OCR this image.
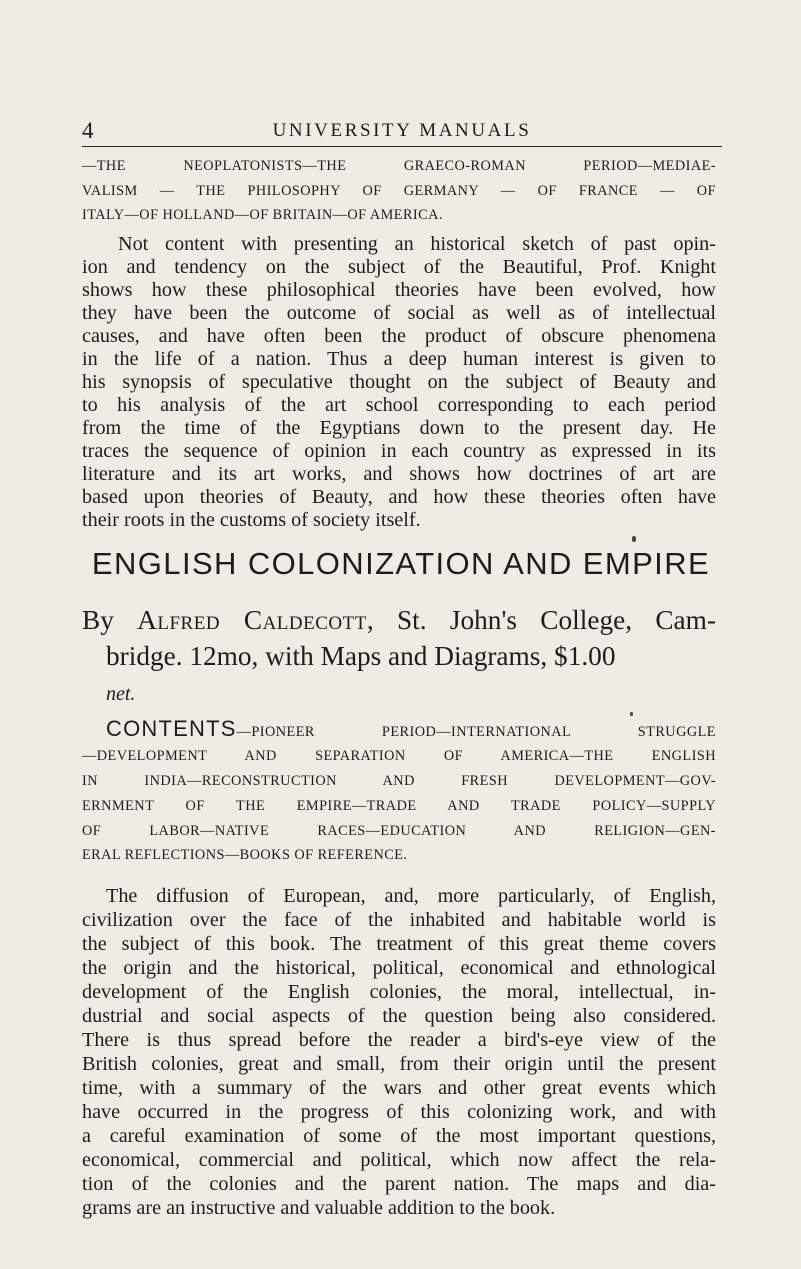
4	UNIVERSITY MANUALS
—THE NEOPLATONISTS—THE GRAECO-ROMAN PERIOD—MEDIAE-
VALISM — THE PHILOSOPHY OF GERMANY — OF FRANCE — OF
ITALY—OF HOLLAND—OF BRITAIN—OF AMERICA.
Not content with presenting an historical sketch of past opin-
ion and tendency on the subject of the Beautiful, Prof. Knight
shows how these philosophical theories have been evolved, how
they have been the outcome of social as well as of intellectual
causes, and have often been the product of obscure phenomena
in the life of a nation. Thus a deep human interest is given to
his synopsis of speculative thought on the subject of Beauty and
to his analysis of the art school corresponding to each period
from the time of the Egyptians down to the present day. He
traces the sequence of opinion in each country as expressed in its
literature and its art works, and shows how doctrines of art are
based upon theories of Beauty, and how these theories often have
their roots in the customs of society itself.
ENGLISH COLONIZATION AND EMPIRE
By Alfred Caldecott, St. John's College, Cam-
bridge. 12mo, with Maps and Diagrams, $1.00
net.
CONTENTS—PIONEER PERIOD—INTERNATIONAL STRUGGLE
—DEVELOPMENT AND SEPARATION OF AMERICA—THE ENGLISH
IN INDIA—RECONSTRUCTION AND FRESH DEVELOPMENT—GOV-
ERNMENT OF THE EMPIRE—TRADE AND TRADE POLICY—SUPPLY
OF LABOR—NATIVE RACES—EDUCATION AND RELIGION—GEN-
ERAL REFLECTIONS—BOOKS OF REFERENCE.
The diffusion of European, and, more particularly, of English,
civilization over the face of the inhabited and habitable world is
the subject of this book. The treatment of this great theme covers
the origin and the historical, political, economical and ethnological
development of the English colonies, the moral, intellectual, in-
dustrial and social aspects of the question being also considered.
There is thus spread before the reader a bird's-eye view of the
British colonies, great and small, from their origin until the present
time, with a summary of the wars and other great events which
have occurred in the progress of this colonizing work, and with
a careful examination of some of the most important questions,
economical, commercial and political, which now affect the rela-
tion of the colonies and the parent nation. The maps and dia-
grams are an instructive and valuable addition to the book.
